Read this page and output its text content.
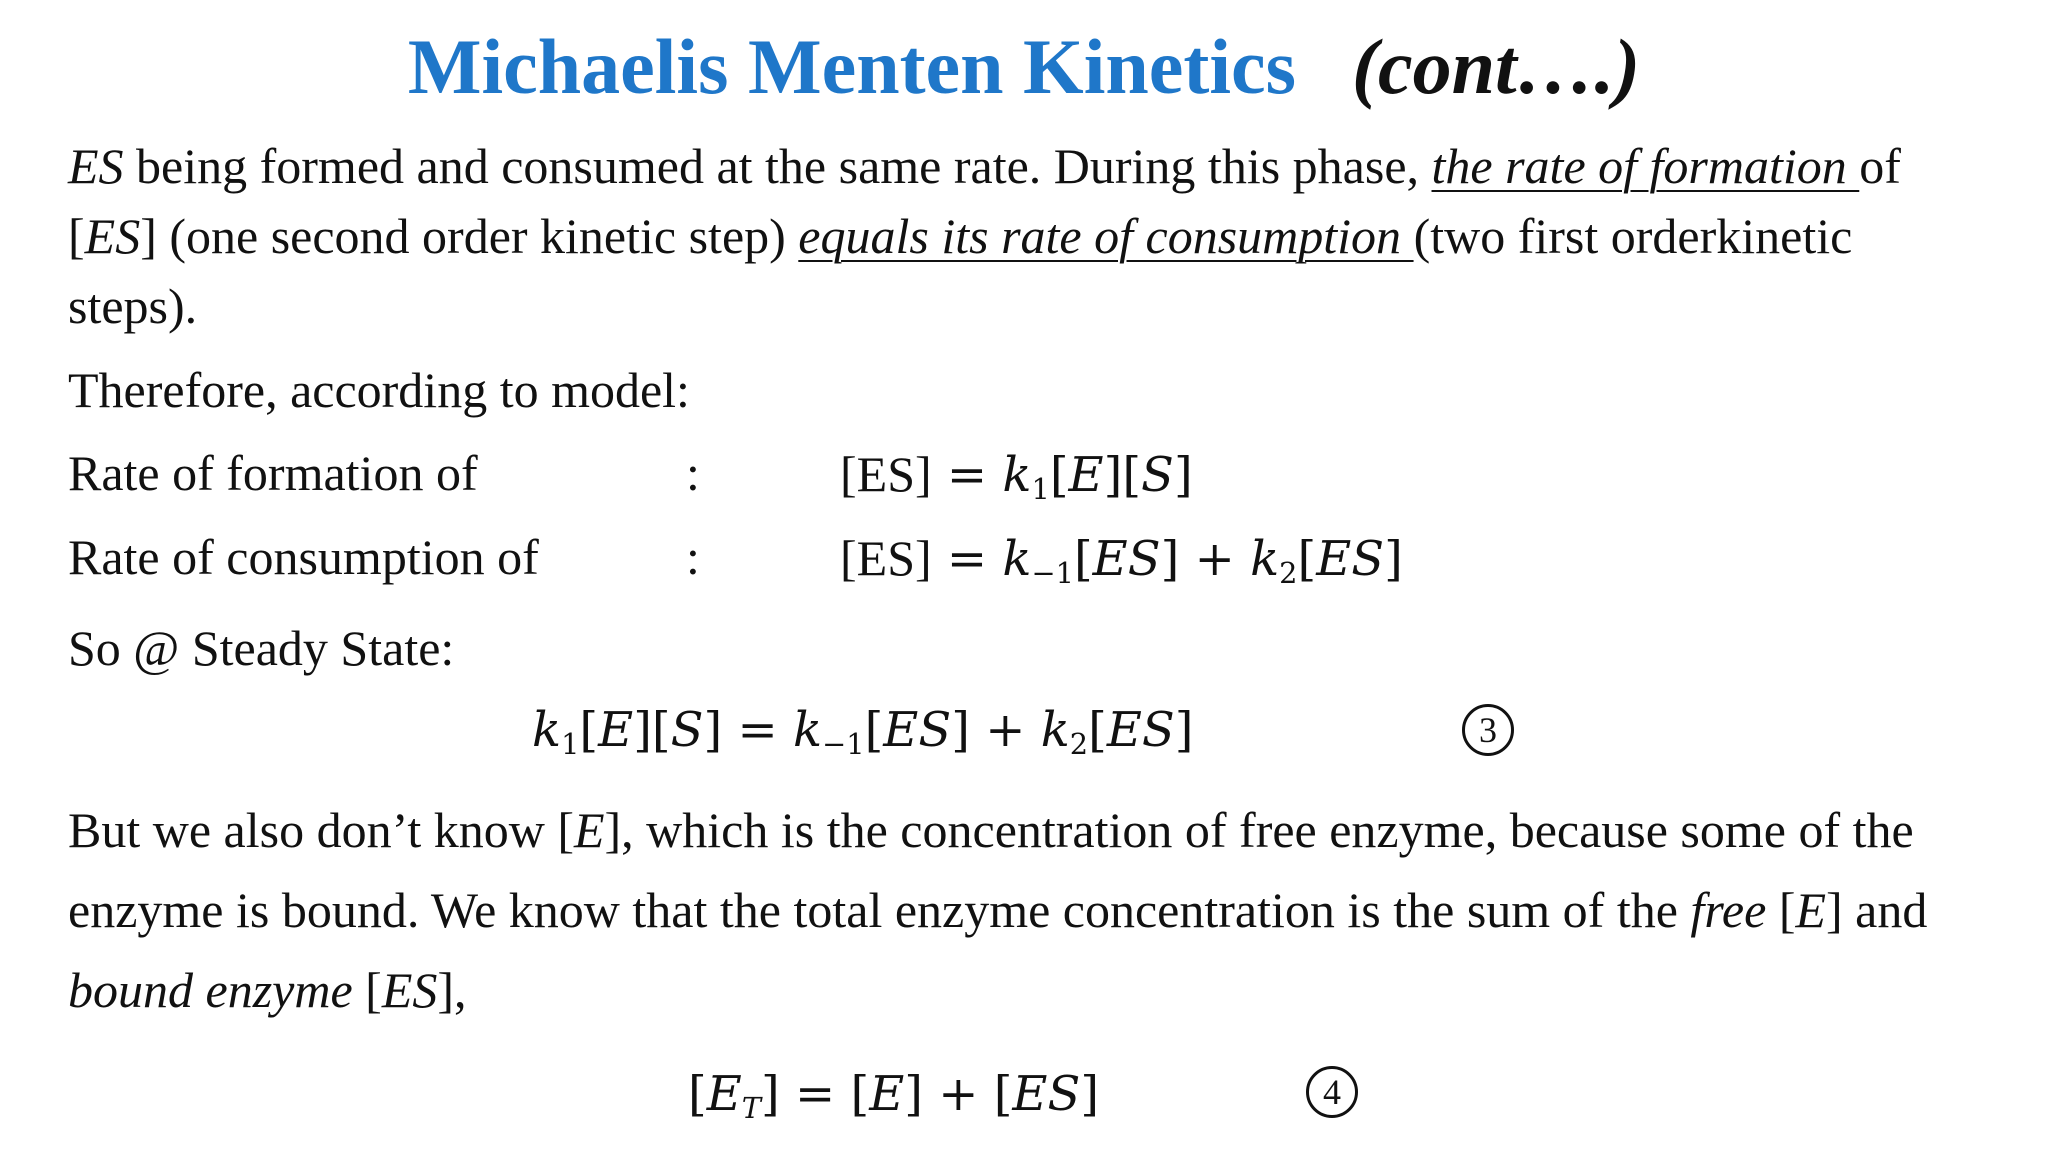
Michaelis Menten Kinetics (cont….)
ES being formed and consumed at the same rate. During this phase, the rate of formation of
[ES] (one second order kinetic step) equals its rate of consumption (two first orderkinetic
steps).
Therefore, according to model:
Rate of formation of	:	$[ES] = k_1[E][S]$
Rate of consumption of	:	$[ES] = k_{-1}[ES] + k_2[ES]$
So @ Steady State:
$k_1[E][S] = k_{-1}[ES] + k_2[ES]$	3
But we also don’t know [E], which is the concentration of free enzyme, because some of the
enzyme is bound. We know that the total enzyme concentration is the sum of the free [E] and
bound enzyme [ES],
$[E_T] = [E] + [ES]$	4
